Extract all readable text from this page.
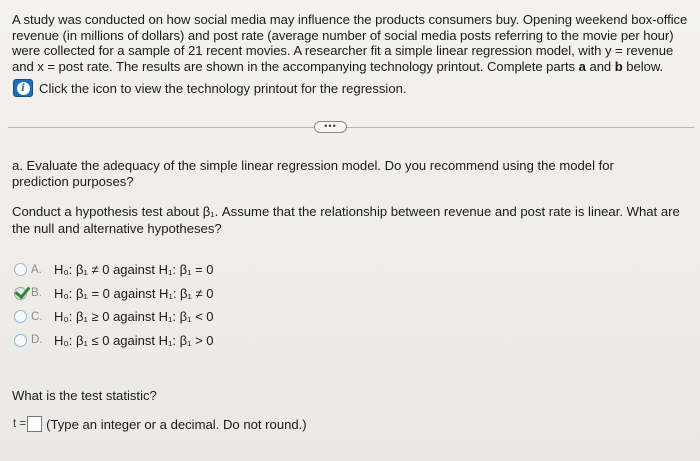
A study was conducted on how social media may influence the products consumers buy. Opening weekend box-office revenue (in millions of dollars) and post rate (average number of social media posts referring to the movie per hour) were collected for a sample of 21 recent movies. A researcher fit a simple linear regression model, with y = revenue and x = post rate. The results are shown in the accompanying technology printout. Complete parts a and b below.
i	Click the icon to view the technology printout for the regression.
•••
a. Evaluate the adequacy of the simple linear regression model. Do you recommend using the model for prediction purposes?
Conduct a hypothesis test about β₁. Assume that the relationship between revenue and post rate is linear. What are the null and alternative hypotheses?
A. H₀: β₁ ≠ 0 against H₁: β₁ = 0
B. H₀: β₁ = 0 against H₁: β₁ ≠ 0
C. H₀: β₁ ≥ 0 against H₁: β₁ < 0
D. H₀: β₁ ≤ 0 against H₁: β₁ > 0
What is the test statistic?
t = (Type an integer or a decimal. Do not round.)
